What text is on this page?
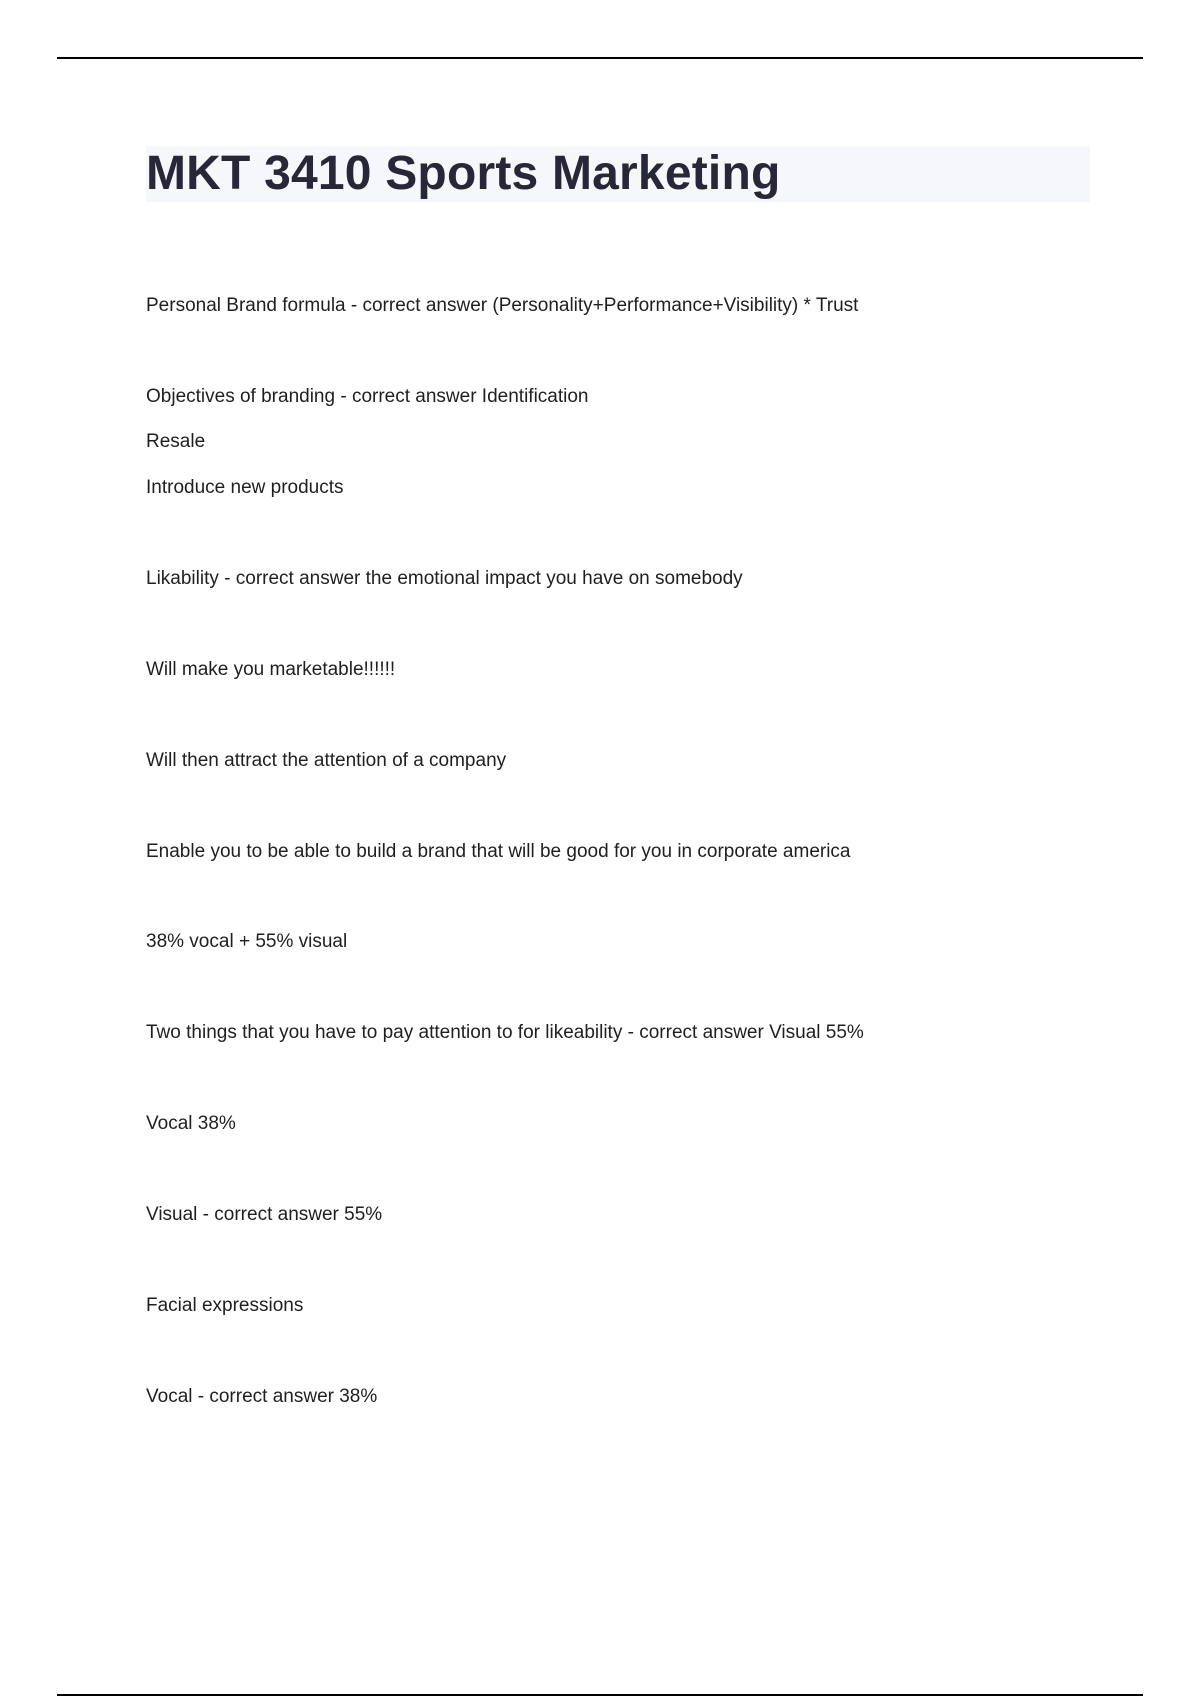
MKT 3410 Sports Marketing
Personal Brand formula - correct answer (Personality+Performance+Visibility) * Trust
Objectives of branding - correct answer Identification
Resale
Introduce new products
Likability - correct answer the emotional impact you have on somebody
Will make you marketable!!!!!!
Will then attract the attention of a company
Enable you to be able to build a brand that will be good for you in corporate america
38% vocal + 55% visual
Two things that you have to pay attention to for likeability - correct answer Visual 55%
Vocal 38%
Visual - correct answer 55%
Facial expressions
Vocal - correct answer 38%
